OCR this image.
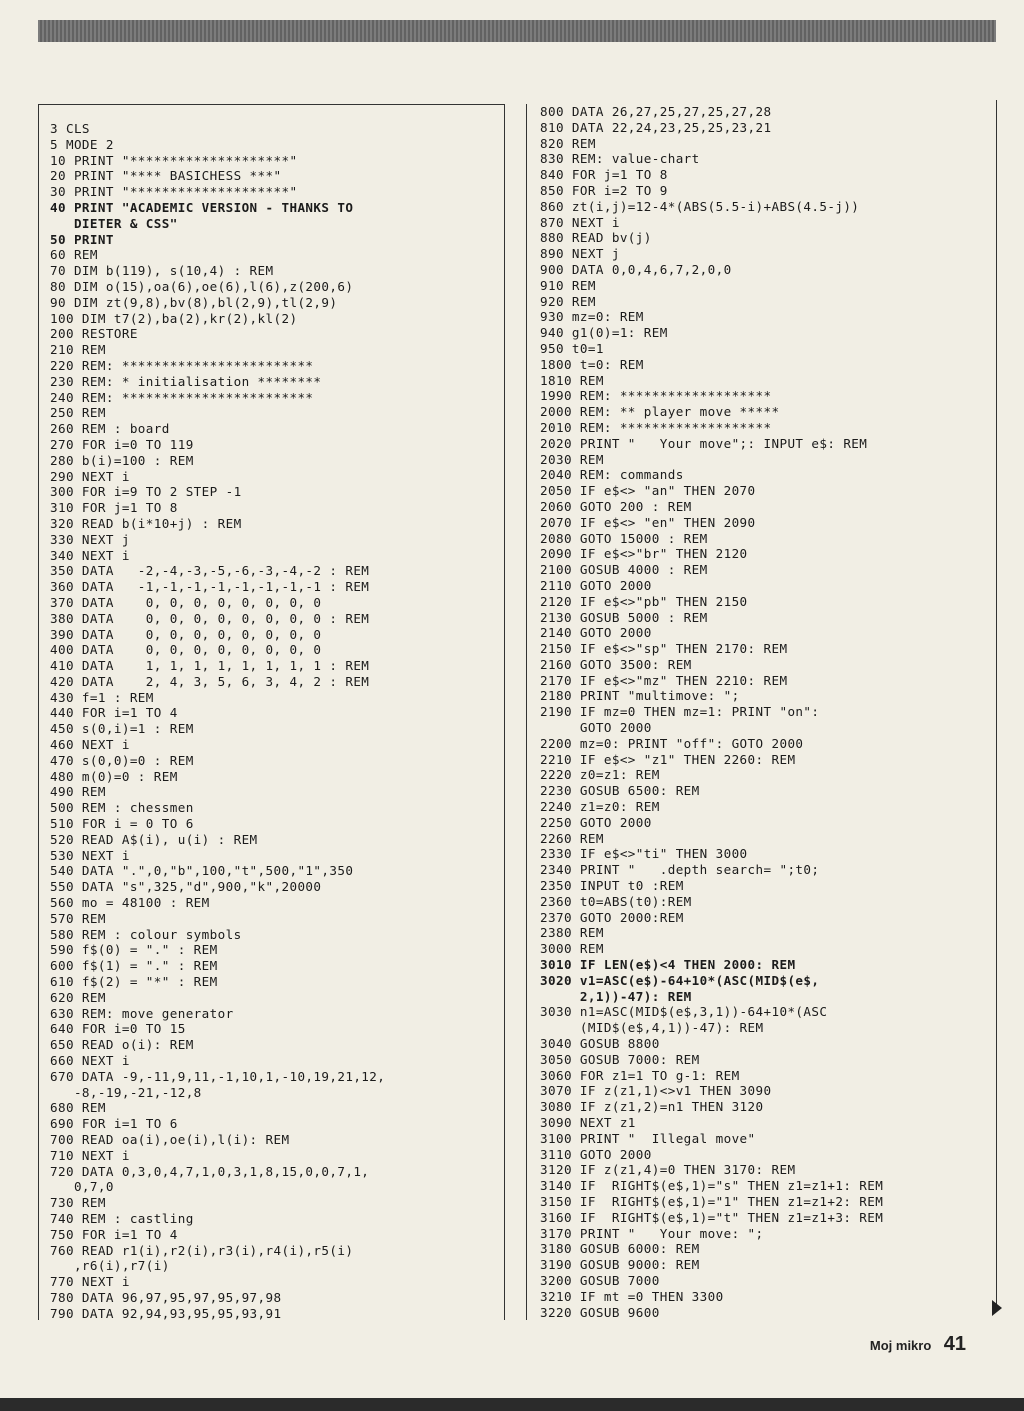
3 CLS
5 MODE 2
10 PRINT "********************"
20 PRINT "**** BASICHESS ***"
30 PRINT "********************"
40 PRINT "ACADEMIC VERSION - THANKS TO
DIETER & CSS"
50 PRINT
60 REM
70 DIM b(119), s(10,4) : REM
80 DIM o(15),oa(6),oe(6),l(6),z(200,6)
90 DIM zt(9,8),bv(8),bl(2,9),tl(2,9)
100 DIM t7(2),ba(2),kr(2),kl(2)
200 RESTORE
210 REM
220 REM: ************************
230 REM: * initialisation ********
240 REM: ************************
250 REM
260 REM : board
270 FOR i=0 TO 119
280 b(i)=100 : REM
290 NEXT i
300 FOR i=9 TO 2 STEP -1
310 FOR j=1 TO 8
320 READ b(i*10+j) : REM
330 NEXT j
340 NEXT i
350 DATA   -2,-4,-3,-5,-6,-3,-4,-2 : REM
360 DATA   -1,-1,-1,-1,-1,-1,-1,-1 : REM
370 DATA    0, 0, 0, 0, 0, 0, 0, 0
380 DATA    0, 0, 0, 0, 0, 0, 0, 0 : REM
390 DATA    0, 0, 0, 0, 0, 0, 0, 0
400 DATA    0, 0, 0, 0, 0, 0, 0, 0
410 DATA    1, 1, 1, 1, 1, 1, 1, 1 : REM
420 DATA    2, 4, 3, 5, 6, 3, 4, 2 : REM
430 f=1 : REM
440 FOR i=1 TO 4
450 s(0,i)=1 : REM
460 NEXT i
470 s(0,0)=0 : REM
480 m(0)=0 : REM
490 REM
500 REM : chessmen
510 FOR i = 0 TO 6
520 READ A$(i), u(i) : REM
530 NEXT i
540 DATA ".",0,"b",100,"t",500,"1",350
550 DATA "s",325,"d",900,"k",20000
560 mo = 48100 : REM
570 REM
580 REM : colour symbols
590 f$(0) = "." : REM
600 f$(1) = "." : REM
610 f$(2) = "*" : REM
620 REM
630 REM: move generator
640 FOR i=0 TO 15
650 READ o(i): REM
660 NEXT i
670 DATA -9,-11,9,11,-1,10,1,-10,19,21,12,
-8,-19,-21,-12,8
680 REM
690 FOR i=1 TO 6
700 READ oa(i),oe(i),l(i): REM
710 NEXT i
720 DATA 0,3,0,4,7,1,0,3,1,8,15,0,0,7,1,
0,7,0
730 REM
740 REM : castling
750 FOR i=1 TO 4
760 READ r1(i),r2(i),r3(i),r4(i),r5(i)
,r6(i),r7(i)
770 NEXT i
780 DATA 96,97,95,97,95,97,98
790 DATA 92,94,93,95,95,93,91
800 DATA 26,27,25,27,25,27,28
810 DATA 22,24,23,25,25,23,21
820 REM
830 REM: value-chart
840 FOR j=1 TO 8
850 FOR i=2 TO 9
860 zt(i,j)=12-4*(ABS(5.5-i)+ABS(4.5-j))
870 NEXT i
880 READ bv(j)
890 NEXT j
900 DATA 0,0,4,6,7,2,0,0
910 REM
920 REM
930 mz=0: REM
940 g1(0)=1: REM
950 t0=1
1800 t=0: REM
1810 REM
1990 REM: *******************
2000 REM: ** player move *****
2010 REM: *******************
2020 PRINT "   Your move";: INPUT e$: REM
2030 REM
2040 REM: commands
2050 IF e$<> "an" THEN 2070
2060 GOTO 200 : REM
2070 IF e$<> "en" THEN 2090
2080 GOTO 15000 : REM
2090 IF e$<>"br" THEN 2120
2100 GOSUB 4000 : REM
2110 GOTO 2000
2120 IF e$<>"pb" THEN 2150
2130 GOSUB 5000 : REM
2140 GOTO 2000
2150 IF e$<>"sp" THEN 2170: REM
2160 GOTO 3500: REM
2170 IF e$<>"mz" THEN 2210: REM
2180 PRINT "multimove: ";
2190 IF mz=0 THEN mz=1: PRINT "on":
GOTO 2000
2200 mz=0: PRINT "off": GOTO 2000
2210 IF e$<> "z1" THEN 2260: REM
2220 z0=z1: REM
2230 GOSUB 6500: REM
2240 z1=z0: REM
2250 GOTO 2000
2260 REM
2330 IF e$<>"ti" THEN 3000
2340 PRINT "   .depth search= ";t0;
2350 INPUT t0 :REM
2360 t0=ABS(t0):REM
2370 GOTO 2000:REM
2380 REM
3000 REM
3010 IF LEN(e$)<4 THEN 2000: REM
3020 v1=ASC(e$)-64+10*(ASC(MID$(e$,
2,1))-47): REM
3030 n1=ASC(MID$(e$,3,1))-64+10*(ASC
(MID$(e$,4,1))-47): REM
3040 GOSUB 8800
3050 GOSUB 7000: REM
3060 FOR z1=1 TO g-1: REM
3070 IF z(z1,1)<>v1 THEN 3090
3080 IF z(z1,2)=n1 THEN 3120
3090 NEXT z1
3100 PRINT "  Illegal move"
3110 GOTO 2000
3120 IF z(z1,4)=0 THEN 3170: REM
3140 IF  RIGHT$(e$,1)="s" THEN z1=z1+1: REM
3150 IF  RIGHT$(e$,1)="1" THEN z1=z1+2: REM
3160 IF  RIGHT$(e$,1)="t" THEN z1=z1+3: REM
3170 PRINT "   Your move: ";
3180 GOSUB 6000: REM
3190 GOSUB 9000: REM
3200 GOSUB 7000
3210 IF mt =0 THEN 3300
3220 GOSUB 9600
Moj mikro 41
